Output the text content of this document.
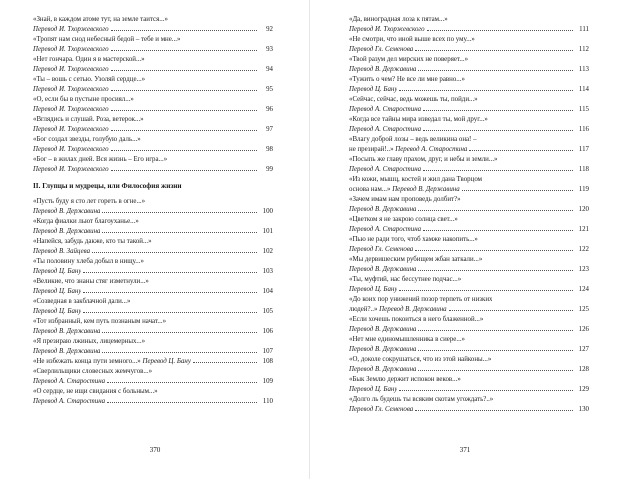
«Знай, в каждом атоме тут, на земле таится...»
Перевод И. Тхоржевского	92
«Тропят нам снод небесный бедой – тебе и мне...»
Перевод И. Тхоржевского	93
«Нет гончара. Один я в мастерской...»
Перевод И. Тхоржевского	94
«Ты – вошь с сетью. Узоляй сердце...»
Перевод И. Тхоржевского	95
«О, если бы в пустыне просиял...»
Перевод И. Тхоржевского	96
«Вглядись и слушай. Роза, ветерок...»
Перевод И. Тхоржевского	97
«Бог создал звезды, голубую даль...»
Перевод И. Тхоржевского	98
«Бог – в жилах дней. Вся жизнь – Его игра...»
Перевод И. Тхоржевского	99
II. Глупцы и мудрецы, или Философия жизни
«Пусть буду я сто лет гореть в огне...»
Перевод В. Державина	100
«Когда фиалки льют благоуханье...»
Перевод В. Державина	101
«Напейся, забудь дакже, кто ты такой...»
Перевод В. Зайцева	102
«Ты половину хлеба добыл в нищу...»
Перевод Ц. Бану	103
«Великие, что знаны стяг изметнули...»
Перевод Ц. Бану	104
«Созведная в закблачной дали...»
Перевод Ц. Бану	105
«Тот избранный, кем путь познаным начат...»
Перевод В. Державина	106
«Я презираю лжиных, лицемерных...»
Перевод В. Державина	107
«Не избежать конца пути земного...» Перевод Ц. Бану	108
«Сверлильщики словесных жемчугов...»
Перевод А. Старостина	109
«О сердце, не ищи свидания с больным...»
Перевод А. Старостина	110
370
«Да, виноградная лоза к пятам...»
Перевод И. Тхоржевского	111
«Не смотри, что иной выше всех по уму...»
Перевод Гл. Семенова	112
«Твой разум дел мирских не поверяет...»
Перевод В. Державина	113
«Тужить о чем? Не все ли мне равно...»
Перевод Ц. Бану	114
«Сейчас, сейчас, ведь можешь ты, пойди...»
Перевод А. Старостина	115
«Когда все тайны мира изведал ты, мой друг...»
Перевод А. Старостина	116
«Влагу доброй лозы – ведь великина она! –
не презирай!..» Перевод А. Старостина	117
«Посыпь же главу прахом, друг, и небы и земли...»
Перевод А. Старостина	118
«Из кожи, мышц, костей и жил дана Творцом
основа нам...» Перевод В. Державина	119
«Зачем имам нам проповедь долбит?»
Перевод В. Державина	120
«Цветком я не закрою солнца свет...»
Перевод А. Старостина	121
«Пью не ради того, чтоб хамже накопить...»
Перевод Гл. Семенова	122
«Мы дервишеским рубищем жбан заткали...»
Перевод В. Державина	123
«Ты, муфтий, нас бессутнее подчас...»
Перевод Ц. Бану	124
«До коих пор унижений позор терпеть от низких
людей?..» Перевод В. Державина	125
«Если хочешь покоиться в него блаженной...»
Перевод В. Державина	126
«Нет мне единомышленника в сиере...»
Перевод В. Державина	127
«О, доколе сокрушаться, что из этой найконы...»
Перевод В. Державина	128
«Бык Землю держит испокон веков...»
Перевод Ц. Бану	129
«Долго ль будешь ты всяким скотам угождать?..»
Перевод Гл. Семенова	130
371
